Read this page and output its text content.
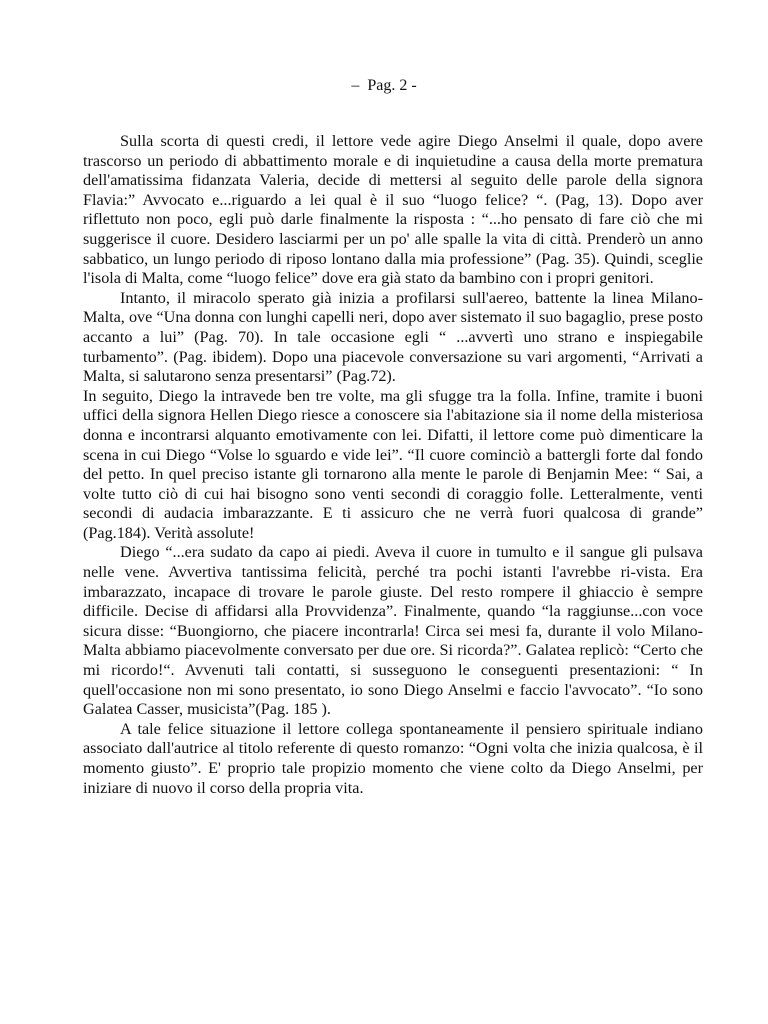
–  Pag. 2 -

Sulla scorta di questi credi, il lettore vede agire Diego Anselmi il quale, dopo avere trascorso un periodo di abbattimento morale e di inquietudine a causa della morte prematura dell'amatissima fidanzata Valeria, decide di mettersi al seguito delle parole della signora Flavia:” Avvocato e...riguardo a lei qual è il suo “luogo felice? “. (Pag, 13). Dopo aver riflettuto non poco, egli può darle finalmente la risposta : “...ho pensato di fare ciò che mi suggerisce il cuore. Desidero lasciarmi per un po' alle spalle la vita di città. Prenderò un anno sabbatico, un lungo periodo di riposo lontano dalla mia professione” (Pag. 35). Quindi, sceglie l'isola di Malta, come “luogo felice” dove era già stato da bambino con i propri genitori.

Intanto, il miracolo sperato già inizia a profilarsi sull'aereo, battente la linea Milano-Malta, ove “Una donna con lunghi capelli neri, dopo aver sistemato il suo bagaglio, prese posto accanto a lui” (Pag. 70). In tale occasione egli “ ...avvertì uno strano e inspiegabile turbamento”. (Pag. ibidem). Dopo una piacevole conversazione su vari argomenti, “Arrivati a Malta, si salutarono senza presentarsi” (Pag.72).

In seguito, Diego la intravede ben tre volte, ma gli sfugge tra la folla. Infine, tramite i buoni uffici della signora Hellen Diego riesce a conoscere sia l'abitazione sia il nome della misteriosa donna e incontrarsi alquanto emotivamente con lei. Difatti, il lettore come può dimenticare la scena in cui Diego “Volse lo sguardo e vide lei”. “Il cuore cominciò a battergli forte dal fondo del petto. In quel preciso istante gli tornarono alla mente le parole di Benjamin Mee: “ Sai, a volte tutto ciò di cui hai bisogno sono venti secondi di coraggio folle. Letteralmente, venti secondi di audacia imbarazzante. E ti assicuro che ne verrà fuori qualcosa di grande” (Pag.184). Verità assolute!

Diego “...era sudato da capo ai piedi. Aveva il cuore in tumulto e il sangue gli pulsava nelle vene. Avvertiva tantissima felicità, perché tra pochi istanti l'avrebbe ri-vista. Era imbarazzato, incapace di trovare le parole giuste. Del resto rompere il ghiaccio è sempre difficile. Decise di affidarsi alla Provvidenza”. Finalmente, quando “la raggiunse...con voce sicura disse: “Buongiorno, che piacere incontrarla! Circa sei mesi fa, durante il volo Milano-Malta abbiamo piacevolmente conversato per due ore. Si ricorda?”. Galatea replicò: “Certo che mi ricordo!“. Avvenuti tali contatti, si susseguono le conseguenti presentazioni: “ In quell'occasione non mi sono presentato, io sono Diego Anselmi e faccio l'avvocato”. “Io sono Galatea Casser, musicista”(Pag. 185 ).

A tale felice situazione il lettore collega spontaneamente il pensiero spirituale indiano associato dall'autrice al titolo referente di questo romanzo: “Ogni volta che inizia qualcosa, è il momento giusto”. E' proprio tale propizio momento che viene colto da Diego Anselmi, per iniziare di nuovo il corso della propria vita.
